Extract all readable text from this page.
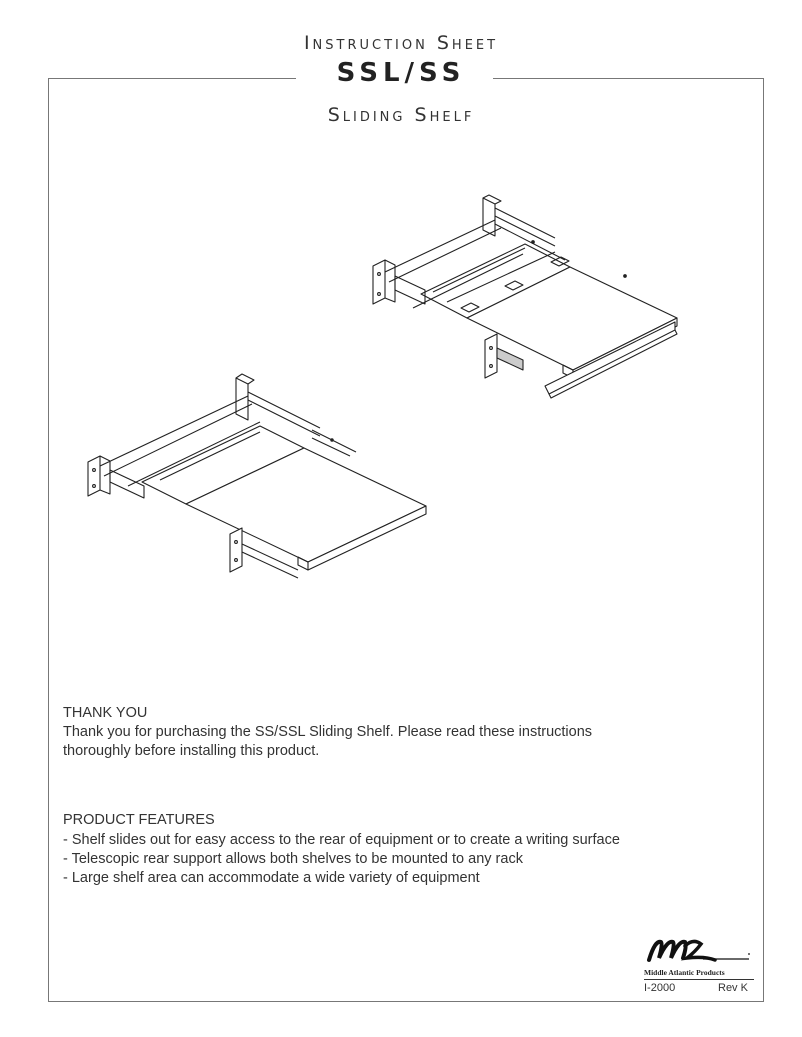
Instruction Sheet
SSL/SS
Sliding Shelf
THANK YOU
Thank you for purchasing the SS/SSL Sliding Shelf. Please read these instructions
thoroughly before installing this product.
PRODUCT FEATURES
- Shelf slides out for easy access to the rear of equipment or to create a writing surface
- Telescopic rear support allows both shelves to be mounted to any rack
- Large shelf area can accommodate a wide variety of equipment
Middle Atlantic Products
I-2000	Rev K
